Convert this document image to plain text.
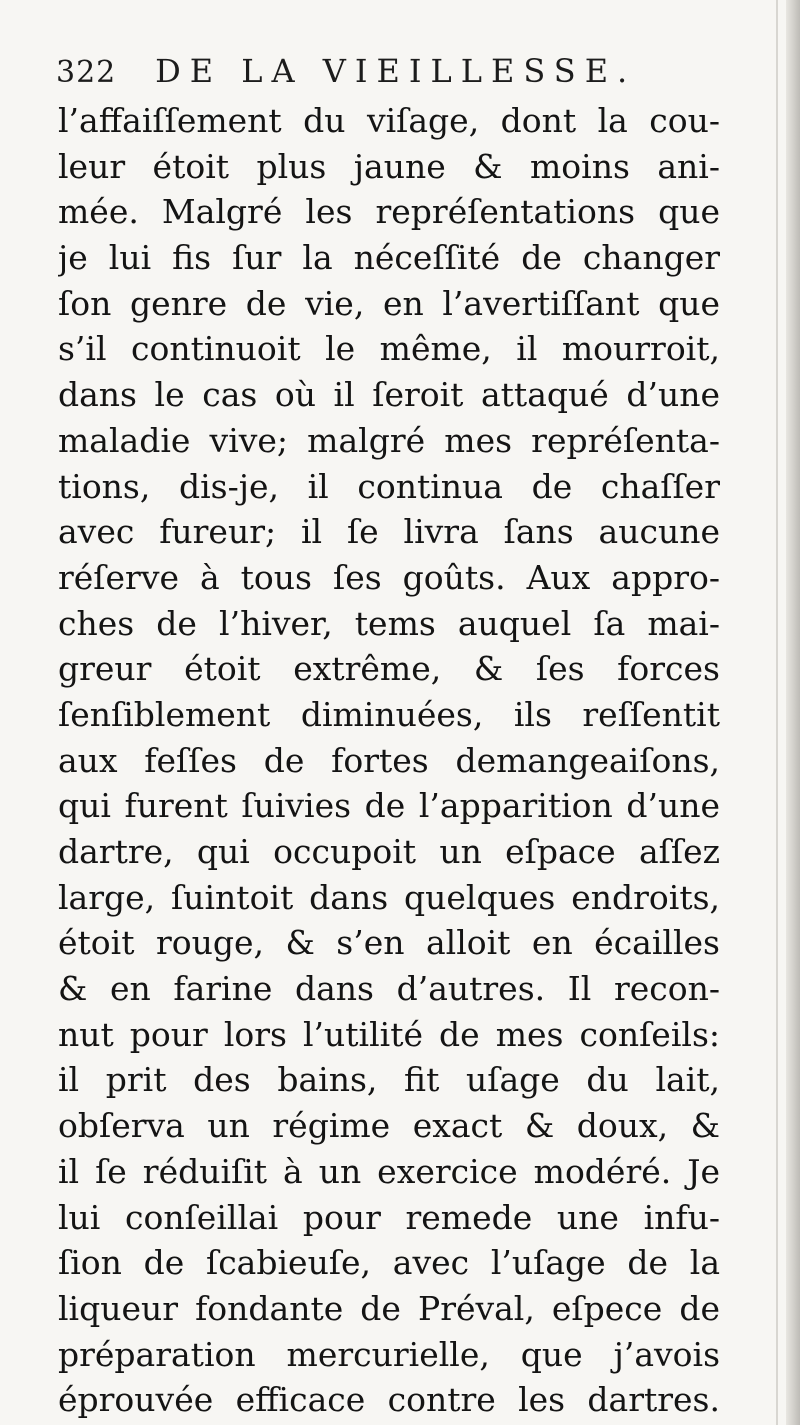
322 DE LA VIEILLESSE.
l’affaiſſement du viſage, dont la cou-
leur étoit plus jaune & moins ani-
mée. Malgré les repréſentations que
je lui fis ſur la néceſſité de changer
ſon genre de vie, en l’avertiſſant que
s’il continuoit le même, il mourroit,
dans le cas où il ſeroit attaqué d’une
maladie vive; malgré mes repréſenta-
tions, dis-je, il continua de chaſſer
avec fureur; il ſe livra ſans aucune
réſerve à tous ſes goûts. Aux appro-
ches de l’hiver, tems auquel ſa mai-
greur étoit extrême, & ſes forces
ſenſiblement diminuées, ils reſſentit
aux feſſes de fortes demangeaiſons,
qui furent ſuivies de l’apparition d’une
dartre, qui occupoit un eſpace aſſez
large, ſuintoit dans quelques endroits,
étoit rouge, & s’en alloit en écailles
& en farine dans d’autres. Il recon-
nut pour lors l’utilité de mes conſeils:
il prit des bains, fit uſage du lait,
obſerva un régime exact & doux, &
il ſe réduiſit à un exercice modéré. Je
lui conſeillai pour remede une infu-
ſion de ſcabieuſe, avec l’uſage de la
liqueur fondante de Préval, eſpece de
préparation mercurielle, que j’avois
éprouvée efficace contre les dartres.
